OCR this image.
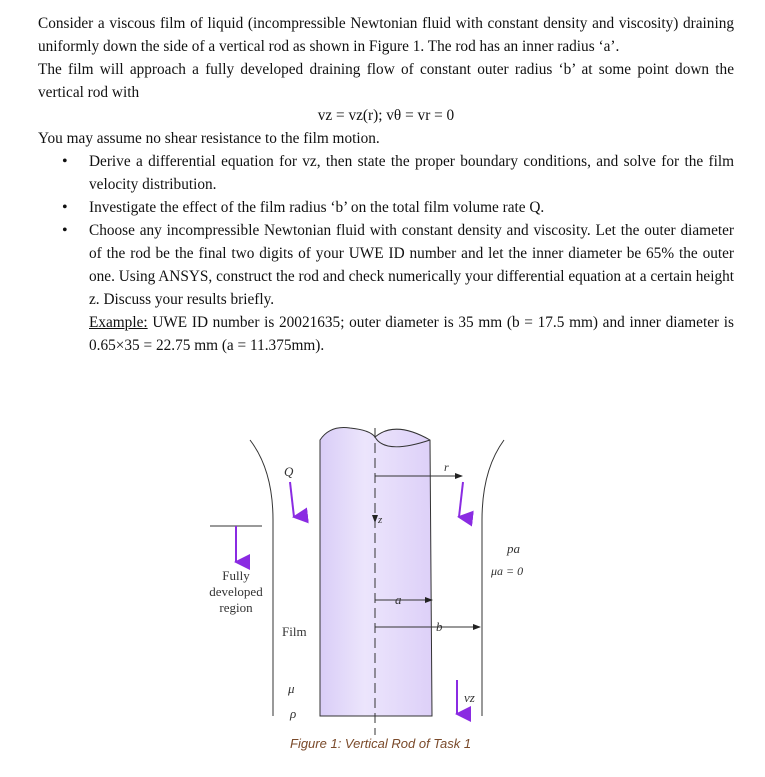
Consider a viscous film of liquid (incompressible Newtonian fluid with constant density and viscosity) draining uniformly down the side of a vertical rod as shown in Figure 1. The rod has an inner radius ‘a’.

The film will approach a fully developed draining flow of constant outer radius ‘b’ at some point down the vertical rod with

vz = vz(r); vθ = vr = 0

You may assume no shear resistance to the film motion.

• Derive a differential equation for vz, then state the proper boundary conditions, and solve for the film velocity distribution.
• Investigate the effect of the film radius ‘b’ on the total film volume rate Q.
• Choose any incompressible Newtonian fluid with constant density and viscosity. Let the outer diameter of the rod be the final two digits of your UWE ID number and let the inner diameter be 65% the outer one. Using ANSYS, construct the rod and check numerically your differential equation at a certain height z. Discuss your results briefly.
Example: UWE ID number is 20021635; outer diameter is 35 mm (b = 17.5 mm) and inner diameter is 0.65×35 = 22.75 mm (a = 11.375mm).
Q	r
z
a
b
pa
μa = 0
Film
μ
ρ
vz
Fully
developed
region
Figure 1: Vertical Rod of Task 1
